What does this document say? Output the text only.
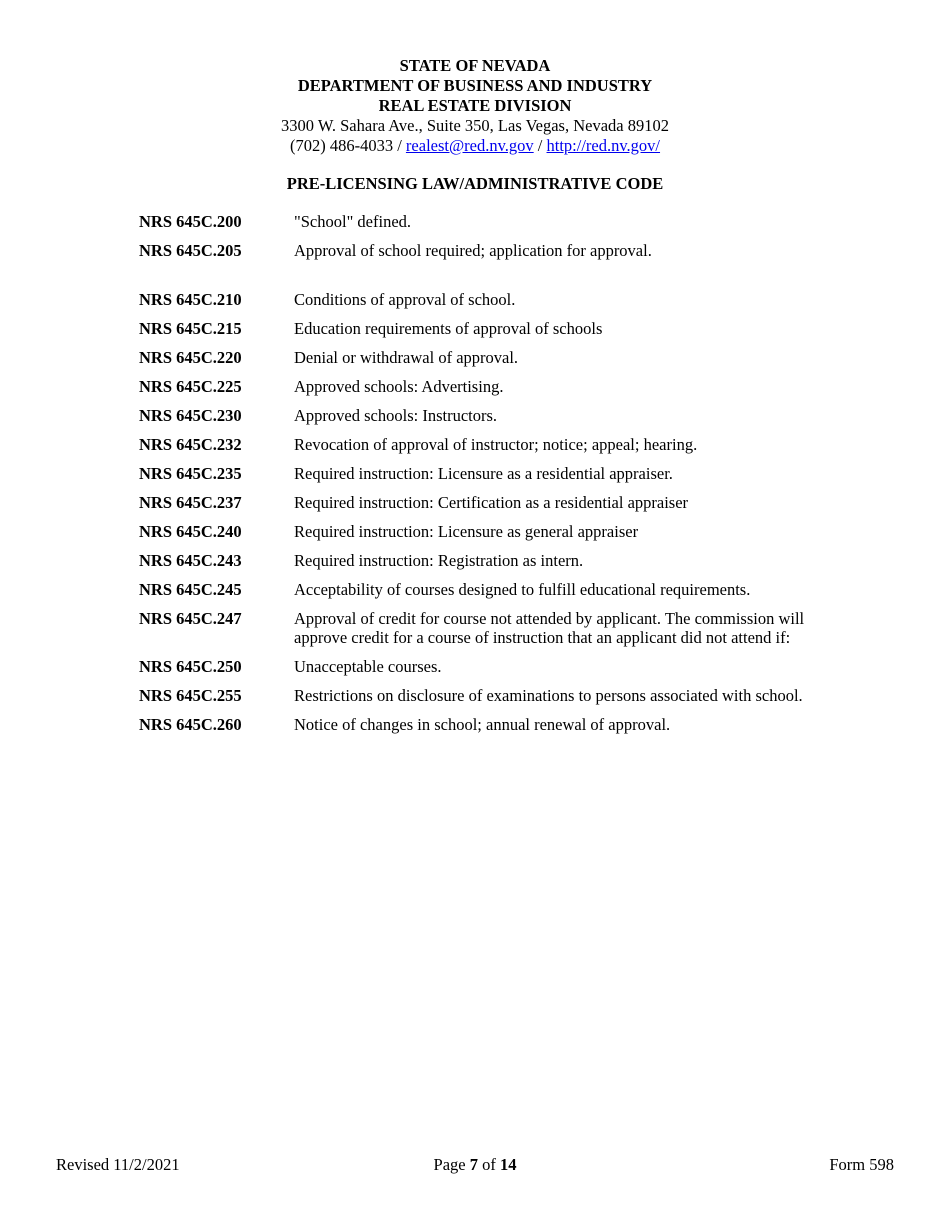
STATE OF NEVADA
DEPARTMENT OF BUSINESS AND INDUSTRY
REAL ESTATE DIVISION
3300 W. Sahara Ave., Suite 350, Las Vegas, Nevada 89102
(702) 486-4033 / realest@red.nv.gov / http://red.nv.gov/
PRE-LICENSING LAW/ADMINISTRATIVE CODE
NRS 645C.200	"School" defined.
NRS 645C.205	Approval of school required; application for approval.
NRS 645C.210	Conditions of approval of school.
NRS 645C.215	Education requirements of approval of schools
NRS 645C.220	Denial or withdrawal of approval.
NRS 645C.225	Approved schools: Advertising.
NRS 645C.230	Approved schools: Instructors.
NRS 645C.232	Revocation of approval of instructor; notice; appeal; hearing.
NRS 645C.235	Required instruction: Licensure as a residential appraiser.
NRS 645C.237	Required instruction: Certification as a residential appraiser
NRS 645C.240	Required instruction: Licensure as general appraiser
NRS 645C.243	Required instruction: Registration as intern.
NRS 645C.245	Acceptability of courses designed to fulfill educational requirements.
NRS 645C.247	Approval of credit for course not attended by applicant. The commission will approve credit for a course of instruction that an applicant did not attend if:
NRS 645C.250	Unacceptable courses.
NRS 645C.255	Restrictions on disclosure of examinations to persons associated with school.
NRS 645C.260	Notice of changes in school; annual renewal of approval.
Revised 11/2/2021	Page 7 of 14	Form 598
